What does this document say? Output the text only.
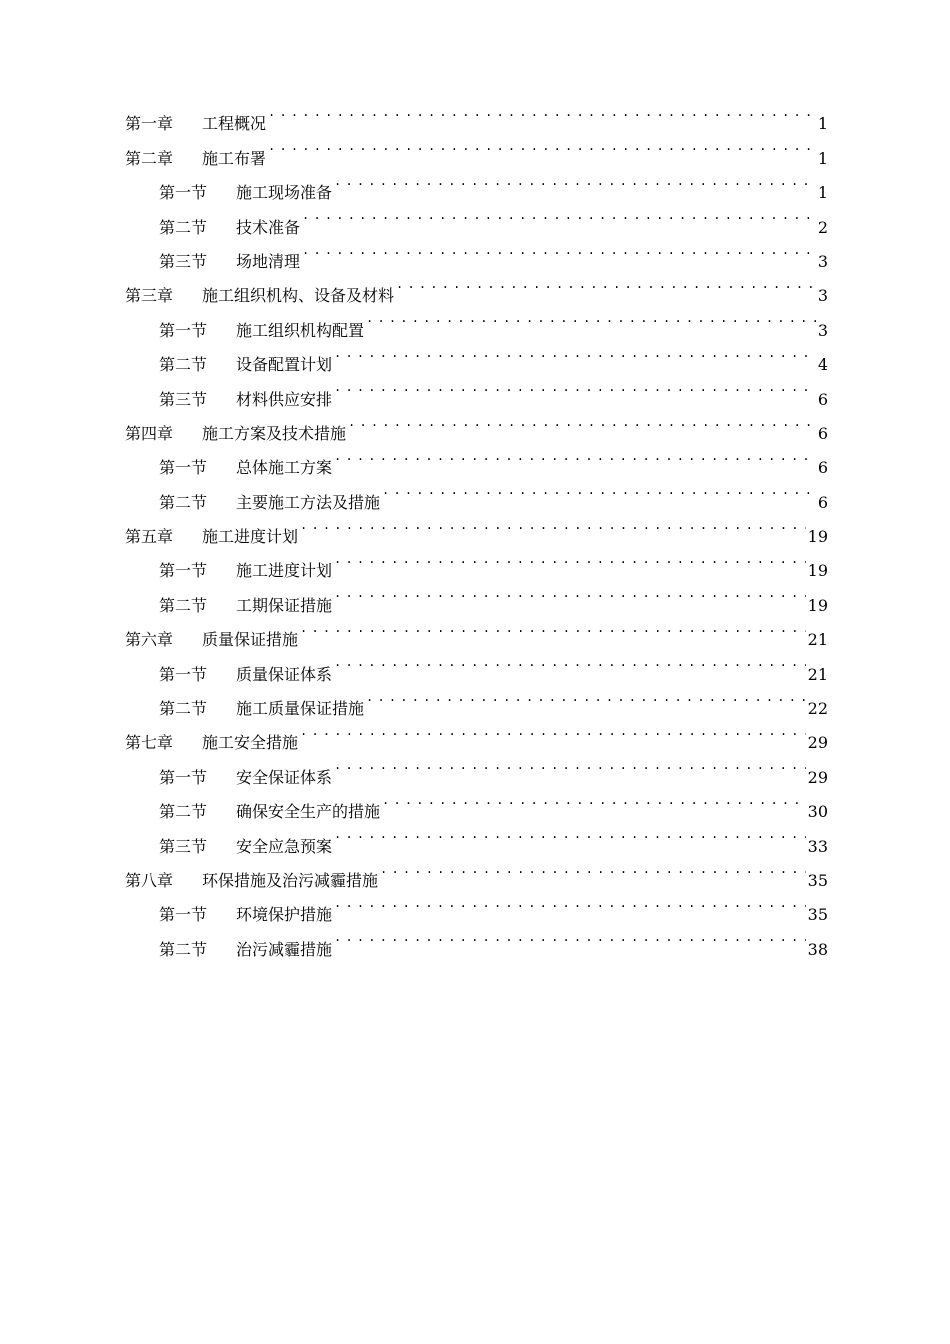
第一章	工程概况 .....	1
第二章	施工布署 .....	1
第一节	施工现场准备 .....	1
第二节	技术准备 .....	2
第三节	场地清理 .....	3
第三章	施工组织机构、设备及材料 .....	3
第一节	施工组织机构配置 .....	3
第二节	设备配置计划 .....	4
第三节	材料供应安排 .....	6
第四章	施工方案及技术措施 .....	6
第一节	总体施工方案 .....	6
第二节	主要施工方法及措施 .....	6
第五章	施工进度计划 .....	19
第一节	施工进度计划 .....	19
第二节	工期保证措施 .....	19
第六章	质量保证措施 .....	21
第一节	质量保证体系 .....	21
第二节	施工质量保证措施 .....	22
第七章	施工安全措施 .....	29
第一节	安全保证体系 .....	29
第二节	确保安全生产的措施 .....	30
第三节	安全应急预案 .....	33
第八章	环保措施及治污减霾措施 .....	35
第一节	环境保护措施 .....	35
第二节	治污减霾措施 .....	38
